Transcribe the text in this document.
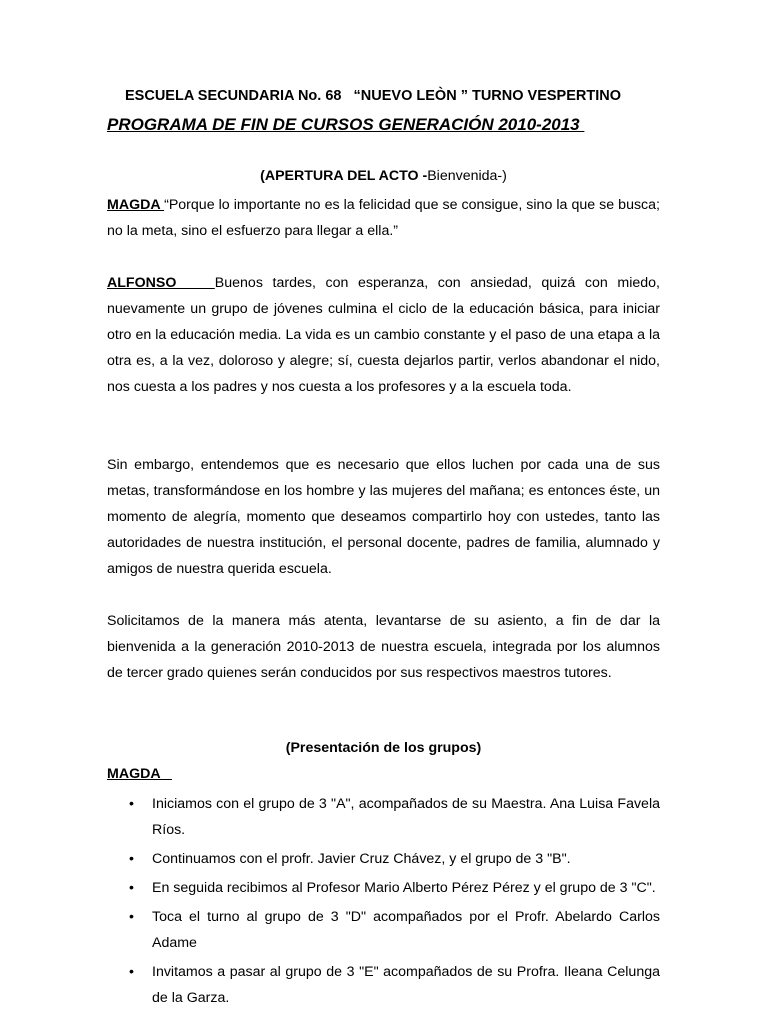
ESCUELA SECUNDARIA No. 68   “NUEVO LEÒN ” TURNO VESPERTINO
PROGRAMA DE FIN DE CURSOS GENERACIÓN 2010-2013
(APERTURA DEL ACTO -Bienvenida-)
MAGDA “Porque lo importante no es la felicidad que se consigue, sino la que se busca; no la meta, sino el esfuerzo para llegar a ella.”
ALFONSO    Buenos tardes, con esperanza, con ansiedad, quizá con miedo, nuevamente un grupo de jóvenes culmina el ciclo de la educación básica, para iniciar otro en la educación media. La vida es un cambio constante y el paso de una etapa a la otra es, a la vez, doloroso y alegre; sí, cuesta dejarlos partir, verlos abandonar el nido, nos cuesta a los padres y nos cuesta a los profesores y a la escuela toda.
Sin embargo, entendemos que es necesario que ellos luchen por cada una de sus metas, transformándose en los hombre y las mujeres del mañana; es entonces éste, un momento de alegría, momento que deseamos compartirlo hoy con ustedes, tanto las autoridades de nuestra institución, el personal docente, padres de familia, alumnado y amigos de nuestra querida escuela.
Solicitamos de la manera más atenta, levantarse de su asiento, a fin de dar la bienvenida a la generación 2010-2013 de nuestra escuela, integrada por los alumnos de tercer grado quienes serán conducidos por sus respectivos maestros tutores.
(Presentación de los grupos)
MAGDA
• Iniciamos con el grupo de 3 "A", acompañados de su Maestra. Ana Luisa Favela Ríos.
• Continuamos con el profr. Javier Cruz Chávez, y el grupo de 3 "B".
• En seguida recibimos al Profesor Mario Alberto Pérez Pérez y el grupo de 3 "C".
• Toca el turno al grupo de 3 "D" acompañados por el Profr. Abelardo Carlos Adame
• Invitamos a pasar al grupo de 3 "E" acompañados de su Profra. Ileana Celunga de la Garza.
